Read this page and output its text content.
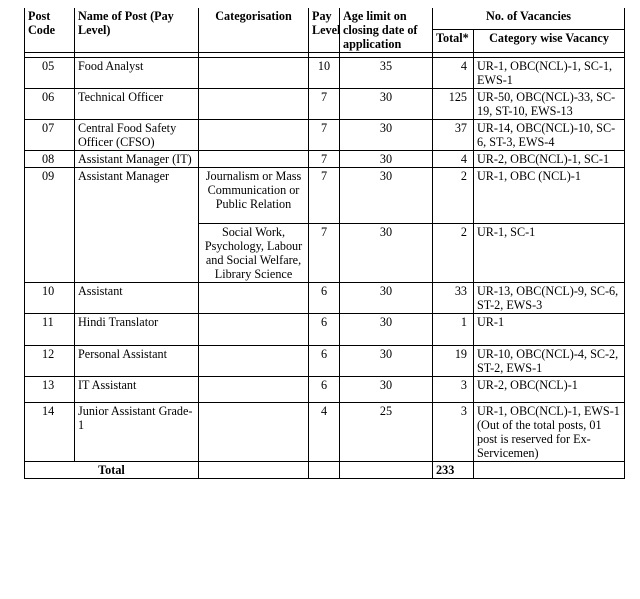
Post Code	Name of Post (Pay Level)	Categorisation	Pay Level	Age limit on closing date of application	No. of Vacancies	
					Total*	Category wise Vacancy

05	Food Analyst		10	35	4	UR-1, OBC(NCL)-1, SC-1, EWS-1
06	Technical Officer		7	30	125	UR-50, OBC(NCL)-33, SC-19, ST-10, EWS-13
07	Central Food Safety Officer (CFSO)		7	30	37	UR-14, OBC(NCL)-10, SC-6, ST-3, EWS-4
08	Assistant Manager (IT)		7	30	4	UR-2, OBC(NCL)-1, SC-1
09	Assistant Manager	Journalism or Mass Communication or Public Relation	7	30	2	UR-1, OBC (NCL)-1
		Social Work, Psychology, Labour and Social Welfare, Library Science	7	30	2	UR-1, SC-1
10	Assistant		6	30	33	UR-13, OBC(NCL)-9, SC-6, ST-2, EWS-3
11	Hindi Translator		6	30	1	UR-1
12	Personal Assistant		6	30	19	UR-10, OBC(NCL)-4, SC-2, ST-2, EWS-1
13	IT Assistant		6	30	3	UR-2, OBC(NCL)-1
14	Junior Assistant Grade- 1		4	25	3	UR-1, OBC(NCL)-1, EWS-1
(Out of the total posts, 01 post is reserved for Ex-Servicemen)

Total					233	
